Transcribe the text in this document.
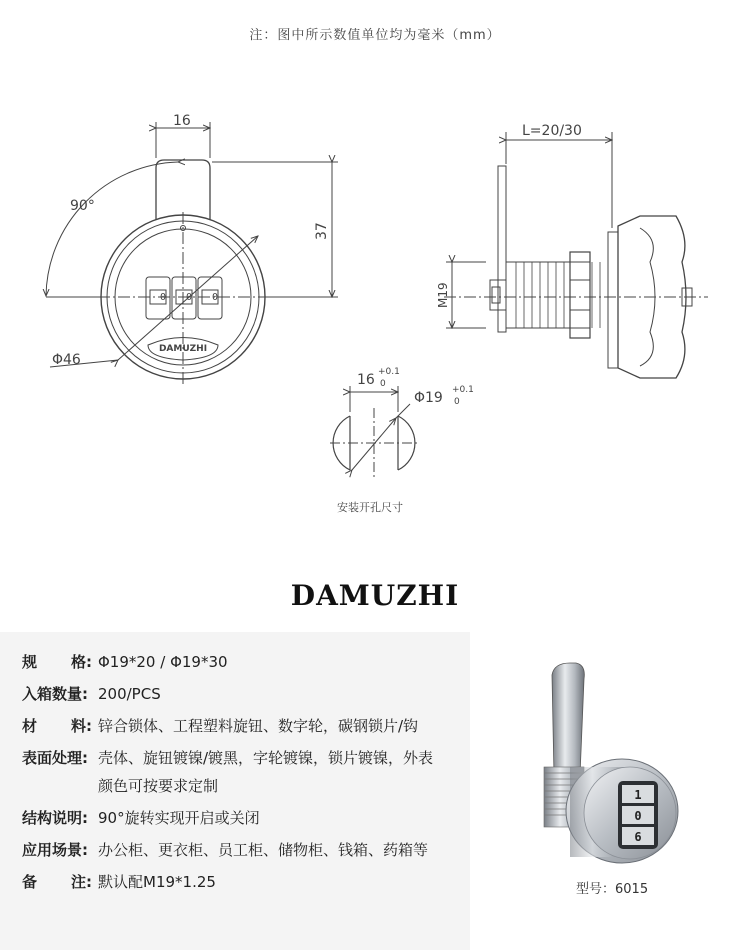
注：图中所示数值单位均为毫米（mm）
16
90°
37
Φ46
L=20/30
M19
16 +0.1
0
Φ19 +0.1
0
DAMUZHI
0 0 0
安装开孔尺寸
DAMUZHI
规 格: Φ19*20 / Φ19*30
入箱数量: 200/PCS
材 料: 锌合锁体、工程塑料旋钮、数字轮，碳钢锁片/钩
表面处理: 壳体、旋钮镀镍/镀黑，字轮镀镍，锁片镀镍，外表
颜色可按要求定制
结构说明: 90°旋转实现开启或关闭
应用场景: 办公柜、更衣柜、员工柜、储物柜、钱箱、药箱等
备 注: 默认配M19*1.25
1
0
6
型号：6015
